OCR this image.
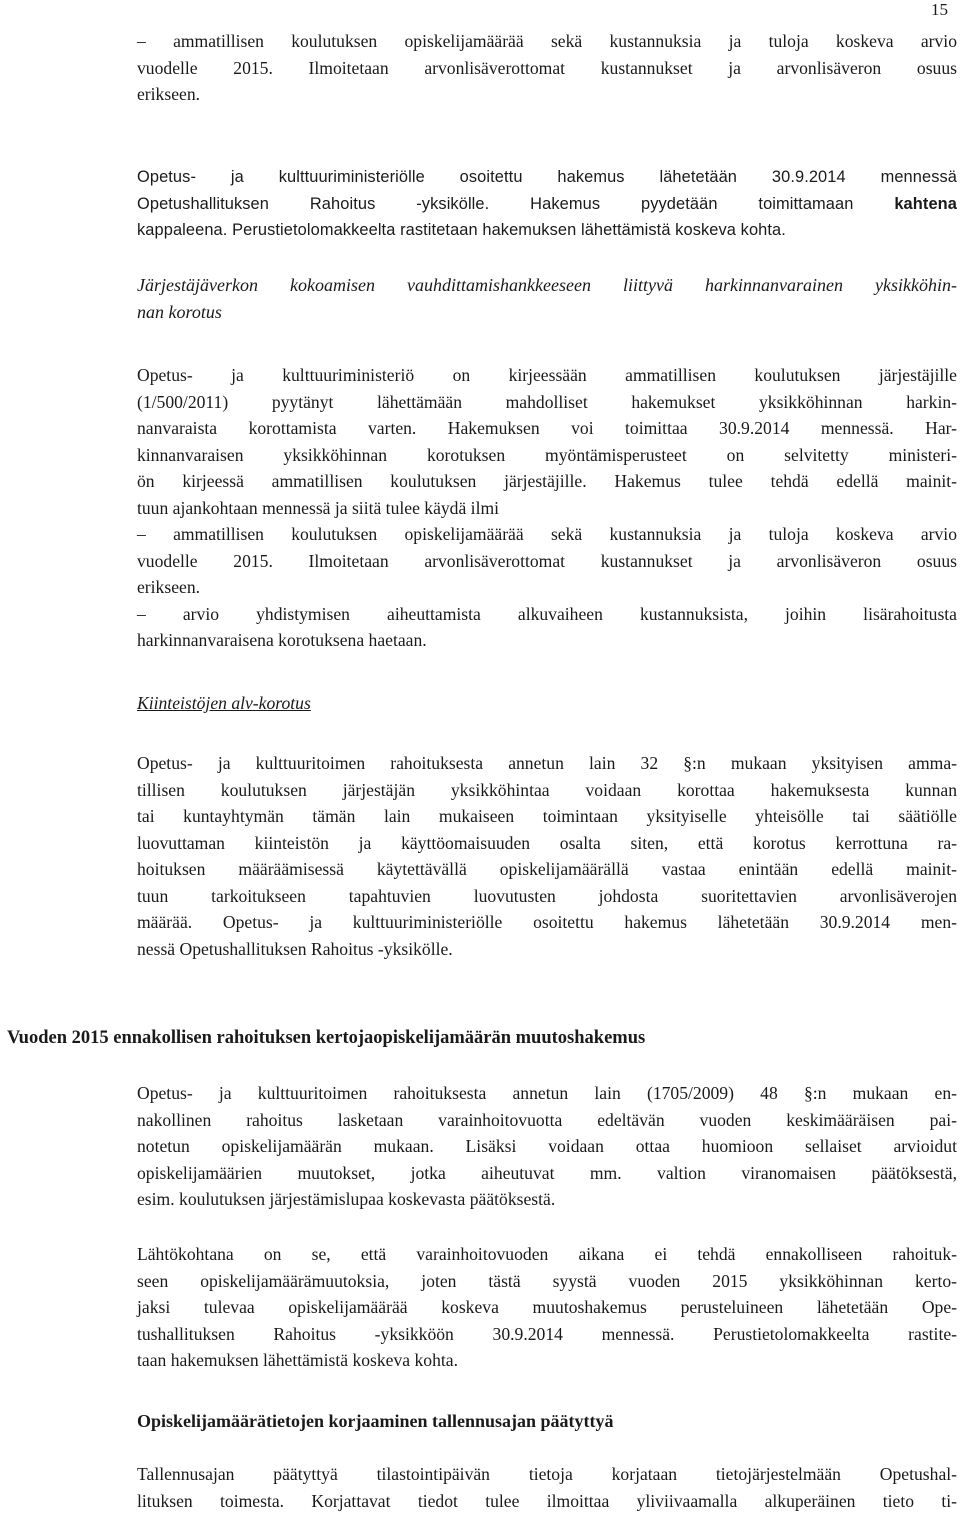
15

– ammatillisen koulutuksen opiskelijamäärää sekä kustannuksia ja tuloja koskeva arvio

vuodelle 2015. Ilmoitetaan arvonlisäverottomat kustannukset ja arvonlisäveron osuus

erikseen.

Opetus- ja kulttuuriministeriölle osoitettu hakemus lähetetään 30.9.2014 mennessä

Opetushallituksen Rahoitus -yksikölle. Hakemus pyydetään toimittamaan kahtena

kappaleena. Perustietolomakkeelta rastitetaan hakemuksen lähettämistä koskeva kohta.

Järjestäjäverkon kokoamisen vauhdittamishankkeeseen liittyvä harkinnanvarainen yksikköhin-

nan korotus

Opetus- ja kulttuuriministeriö on kirjeessään ammatillisen koulutuksen järjestäjille

(1/500/2011) pyytänyt lähettämään mahdolliset hakemukset yksikköhinnan harkin-

nanvaraista korottamista varten. Hakemuksen voi toimittaa 30.9.2014 mennessä. Har-

kinnanvaraisen yksikköhinnan korotuksen myöntämisperusteet on selvitetty ministeri-

ön kirjeessä ammatillisen koulutuksen järjestäjille. Hakemus tulee tehdä edellä mainit-

tuun ajankohtaan mennessä ja siitä tulee käydä ilmi

– ammatillisen koulutuksen opiskelijamäärää sekä kustannuksia ja tuloja koskeva arvio

vuodelle 2015. Ilmoitetaan arvonlisäverottomat kustannukset ja arvonlisäveron osuus

erikseen.

– arvio yhdistymisen aiheuttamista alkuvaiheen kustannuksista, joihin lisärahoitusta

harkinnanvaraisena korotuksena haetaan.

Kiinteistöjen alv-korotus

Opetus- ja kulttuuritoimen rahoituksesta annetun lain 32 §:n mukaan yksityisen amma-

tillisen koulutuksen järjestäjän yksikköhintaa voidaan korottaa hakemuksesta kunnan

tai kuntayhtymän tämän lain mukaiseen toimintaan yksityiselle yhteisölle tai säätiölle

luovuttaman kiinteistön ja käyttöomaisuuden osalta siten, että korotus kerrottuna ra-

hoituksen määräämisessä käytettävällä opiskelijamäärällä vastaa enintään edellä mainit-

tuun tarkoitukseen tapahtuvien luovutusten johdosta suoritettavien arvonlisäverojen

määrää. Opetus- ja kulttuuriministeriölle osoitettu hakemus lähetetään 30.9.2014 men-

nessä Opetushallituksen Rahoitus -yksikölle.

Vuoden 2015 ennakollisen rahoituksen kertojaopiskelijamäärän muutoshakemus

Opetus- ja kulttuuritoimen rahoituksesta annetun lain (1705/2009) 48 §:n mukaan en-

nakollinen rahoitus lasketaan varainhoitovuotta edeltävän vuoden keskimääräisen pai-

notetun opiskelijamäärän mukaan. Lisäksi voidaan ottaa huomioon sellaiset arvioidut

opiskelijamäärien muutokset, jotka aiheutuvat mm. valtion viranomaisen päätöksestä,

esim. koulutuksen järjestämislupaa koskevasta päätöksestä.

Lähtökohtana on se, että varainhoitovuoden aikana ei tehdä ennakolliseen rahoituk-

seen opiskelijamäärämuutoksia, joten tästä syystä vuoden 2015 yksikköhinnan kerto-

jaksi tulevaa opiskelijamäärää koskeva muutoshakemus perusteluineen lähetetään Ope-

tushallituksen Rahoitus -yksikköön 30.9.2014 mennessä. Perustietolomakkeelta rastite-

taan hakemuksen lähettämistä koskeva kohta.

Opiskelijamäärätietojen korjaaminen tallennusajan päätyttyä

Tallennusajan päätyttyä tilastointipäivän tietoja korjataan tietojärjestelmään Opetushal-

lituksen toimesta. Korjattavat tiedot tulee ilmoittaa yliviivaamalla alkuperäinen tieto ti-
